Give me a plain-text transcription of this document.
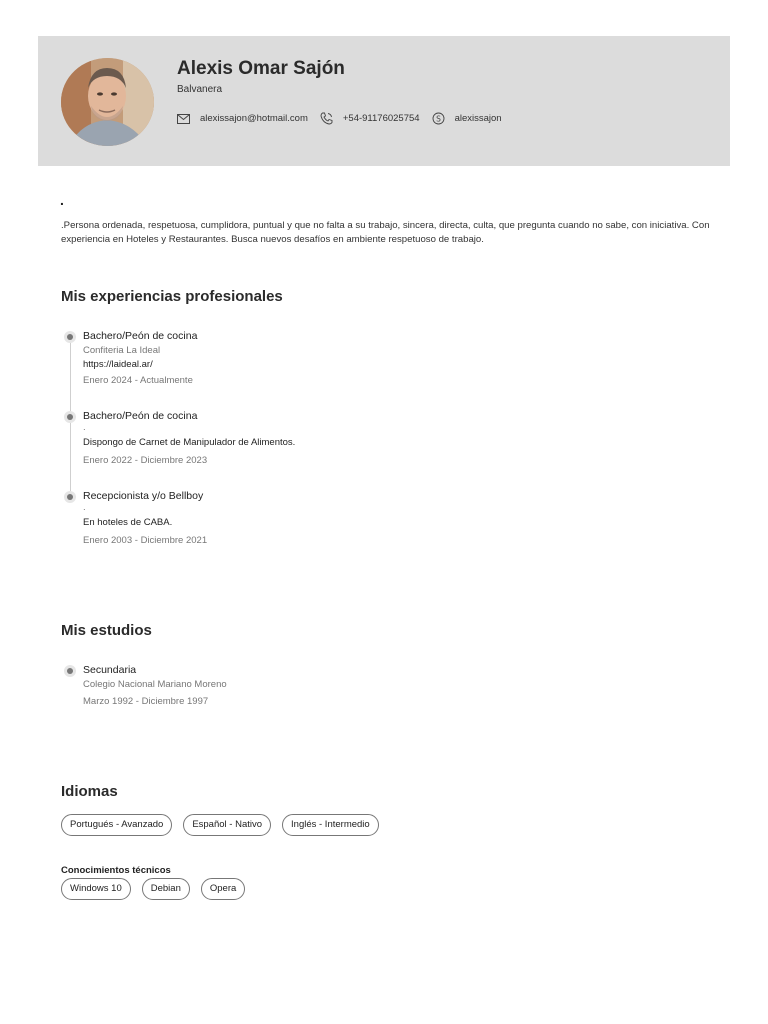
Alexis Omar Sajón
Balvanera
alexissajon@hotmail.com	+54-91176025754 S alexissajon
.
.Persona ordenada, respetuosa, cumplidora, puntual y que no falta a su trabajo, sincera, directa, culta, que pregunta cuando no sabe, con iniciativa. Con experiencia en Hoteles y Restaurantes. Busca nuevos desafíos en ambiente respetuoso de trabajo.
Mis experiencias profesionales
Bachero/Peón de cocina
Confiteria La Ideal
https://laideal.ar/
Enero 2024 - Actualmente
Bachero/Peón de cocina
.
Dispongo de Carnet de Manipulador de Alimentos.
Enero 2022 - Diciembre 2023
Recepcionista y/o Bellboy
.
En hoteles de CABA.
Enero 2003 - Diciembre 2021
Mis estudios
Secundaria
Colegio Nacional Mariano Moreno
Marzo 1992 - Diciembre 1997
Idiomas
Portugués - Avanzado	Español - Nativo	Inglés - Intermedio
Conocimientos técnicos
Windows 10	Debian	Opera
